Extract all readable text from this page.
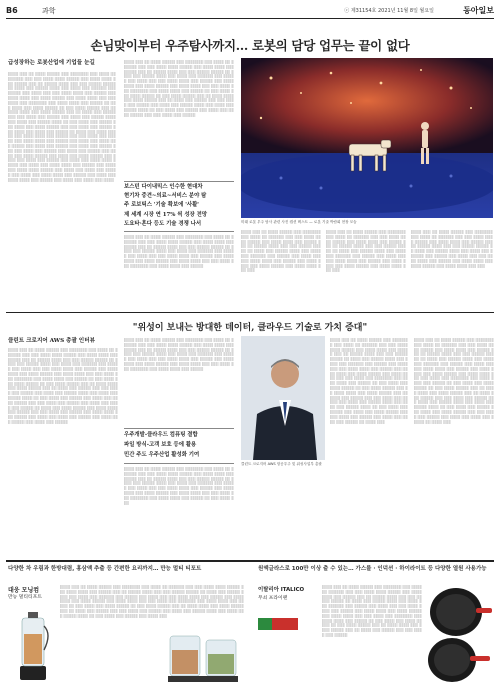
B6	과학	ⓒ 제31154호 2021년 11월 8일 월요일	동아일보
손님맞이부터 우주탐사까지… 로봇의 담당 업무는 끝이 없다
급성장하는 로봇산업에 기업들 눈길
░░░░ ░░░ ░░ ░░░░ ░░░░░ ░░░ ░░░░░░░ ░░░ ░░░░ ░░ ░░░░░░ ░░░ ░░░ ░░░░ ░░░░ ░░░░░ ░░░ ░░░░ ░░░░ ░░░ ░░░░░ ░░░ ░░ ░░░░░ ░░░░ ░░░ ░░░ ░░░░░ ░░░░░ ░░ ░░░░ ░░░ ░░░░░ ░░░░ ░░░ ░░░░ ░░░ ░░░░░░ ░░░ ░░░░░ ░░░ ░░░░ ░░░ ░░░ ░░░░ ░░░░ ░░░ ░░░░░ ░░░ ░░░░ ░░░░ ░░░ ░░░░ ░░░░░ ░░░ ░░░░ ░░░░ ░░░ ░░░ ░░░░ ░░░ ░░░░░░░ ░░░ ░░░░ ░░░░ ░░░ ░░░░░ ░░ ░░░ ░░░░ ░░░ ░░░░ ░░░░░ ░░ ░░░ ░░░░ ░░░░░ ░░░ ░░ ░░░░ ░░░░ ░░░ ░░░░ ░░░░░ ░░░ ░░ ░░░░ ░░░ ░░░░░ ░░░ ░░░ ░░░░ ░░░ ░░░░░ ░░░ ░░░░ ░░░ ░░░░░ ░░░░ ░░░ ░░░░ ░░░ ░░░░░ ░░░░ ░░ ░░░ ░░░░ ░░░ ░░░░░ ░░░ ░░░░ ░░░ ░░░░ ░░░░░ ░░░ ░░░ ░░░░ ░░░ ░░░░░ ░░░ ░░░░ ░░░ ░░░░ ░░░ ░░░░░ ░░ ░░░░ ░░░ ░░░░ ░░░░░ ░░░ ░░░░ ░░░░ ░░░ ░░░░░ ░░░ ░░░ ░░░░ ░░░ ░░░░░ ░░░ ░░░░ ░░░░ ░░░ ░░░░░ ░░░ ░░░░ ░░░ ░░░░ ░░░ ░░░░░ ░░░ ░░░░ ░░░ ░░░░░ ░░░ ░░░░ ░░░ ░░░░░ ░░░ ░░░ ░░░░ ░░░ ░░░░░ ░░░ ░░░░ ░░░ ░░░░░ ░░░ ░░░░ ░░░ ░░░░ ░░░░░ ░░░ ░░░░ ░░░ ░░░░ ░░░░░ ░░░ ░░░░ ░░░ ░░░░ ░░░ ░░░░░ ░░░ ░░░░ ░░░ ░░░░ ░░░░ ░░░░░ ░░░ ░░░░ ░░░ ░░░░ ░░░░ ░░░ ░░░░░ ░░░ ░░░░ ░░░ ░░░░ ░░░░ ░░░░░ ░░░ ░░░░ ░░░ ░░░░ ░░░ ░░░░░ ░░░ ░░░░ ░░░ ░░░░ ░░░░ ░░░ ░░░░░ ░░░ ░░░░ ░░░ ░░░░ ░░░░ ░░░ ░░░░░ ░░░ ░░░░ ░░░ ░░░░ ░░░ ░░░░
░░░░ ░░░ ░░ ░░░░ ░░░░░ ░░░ ░░░░░░░ ░░░ ░░░░ ░░ ░░░░░░ ░░░ ░░░ ░░░░ ░░░░ ░░░░░ ░░░ ░░░░ ░░░░ ░░░ ░░░░░ ░░░ ░░ ░░░░░ ░░░░ ░░░ ░░░ ░░░░░ ░░░░░ ░░ ░░░░ ░░░ ░░░░░ ░░░░ ░░░ ░░░░ ░░░ ░░░░░░ ░░░ ░░░░░ ░░░ ░░░░ ░░░ ░░░ ░░░░ ░░░░ ░░░ ░░░░░ ░░░ ░░░░ ░░░░ ░░░ ░░░░ ░░░░░ ░░░ ░░░░ ░░░░ ░░░ ░░░ ░░░░ ░░░ ░░░░░░░ ░░░ ░░░░ ░░░░ ░░░ ░░░░░ ░░ ░░░ ░░░░ ░░░ ░░░░ ░░░░░ ░░ ░░░ ░░░░ ░░░░░ ░░░ ░░ ░░░░ ░░░░ ░░░ ░░░░ ░░░░░ ░░░ ░░ ░░░░ ░░░ ░░░░░ ░░░ ░░░ ░░░░ ░░░ ░░░░░ ░░░ ░░░░ ░░░ ░░░░░ ░░░░ ░░░ ░░░░ ░░░ ░░░░░ ░░░░ ░░ ░░░ ░░░░ ░░░ ░░░░░ ░░░ ░░░░ ░░░ ░░░░ ░░░░░ ░░░ ░░░ ░░░░ ░░░ ░░░░░
보스턴 다이내믹스 인수한 현대차
현기차 중견~의료~서비스 분야 탐
주 로보틱스 '기술 확보에 '사활'
제 세계 시장 연 17% 씩 성장 전망
도요타·혼다 등도 기술 경쟁 나서
░░░░ ░░░ ░░ ░░░░ ░░░░░ ░░░ ░░░░░░░ ░░░ ░░░░ ░░ ░░░░░░ ░░░ ░░░ ░░░░ ░░░░ ░░░░░ ░░░ ░░░░ ░░░░ ░░░ ░░░░░ ░░░ ░░ ░░░░░ ░░░░ ░░░ ░░░ ░░░░░ ░░░░░ ░░ ░░░░ ░░░ ░░░░░ ░░░░ ░░░ ░░░░ ░░░ ░░░░░░ ░░░ ░░░░░ ░░░ ░░░░ ░░░ ░░░ ░░░░ ░░░░ ░░░ ░░░░░ ░░░ ░░░░ ░░░░ ░░░ ░░░░ ░░░░░ ░░░ ░░░░ ░░░░ ░░░ ░░░ ░░░░ ░░░ ░░░░░░░ ░░░ ░░░░ ░░░░ ░░░ ░░░░░
미래 로봇 우주 탐사 관련 사진 캡션 텍스트 — 로봇 기술 박람회 현장 모습
░░░░ ░░░ ░░ ░░░░ ░░░░░ ░░░ ░░░░░░░ ░░░ ░░░░ ░░ ░░░░░░ ░░░ ░░░ ░░░░ ░░░░ ░░░░░ ░░░ ░░░░ ░░░░ ░░░ ░░░░░ ░░░ ░░ ░░░░░ ░░░░ ░░░ ░░░ ░░░░░ ░░░░░ ░░ ░░░░ ░░░ ░░░░░ ░░░░ ░░░ ░░░░ ░░░ ░░░░░░ ░░░ ░░░░░ ░░░ ░░░░ ░░░ ░░░ ░░░░ ░░░░ ░░░ ░░░░░ ░░░ ░░░░ ░░░░ ░░░ ░░░░ ░░░░░ ░░░ ░░░░ ░░░░ ░░░ ░░░
░░░░ ░░░ ░░ ░░░░ ░░░░░ ░░░ ░░░░░░░ ░░░ ░░░░ ░░ ░░░░░░ ░░░ ░░░ ░░░░ ░░░░ ░░░░░ ░░░ ░░░░ ░░░░ ░░░ ░░░░░ ░░░ ░░ ░░░░░ ░░░░ ░░░ ░░░ ░░░░░ ░░░░░ ░░ ░░░░ ░░░ ░░░░░ ░░░░ ░░░ ░░░░ ░░░ ░░░░░░ ░░░ ░░░░░ ░░░ ░░░░ ░░░ ░░░ ░░░░ ░░░░ ░░░ ░░░░░ ░░░ ░░░░ ░░░░ ░░░ ░░░░ ░░░░░ ░░░ ░░░░ ░░░░ ░░░ ░░░
░░░░ ░░░ ░░ ░░░░ ░░░░░ ░░░ ░░░░░░░ ░░░ ░░░░ ░░ ░░░░░░ ░░░ ░░░ ░░░░ ░░░░ ░░░░░ ░░░ ░░░░ ░░░░ ░░░ ░░░░░ ░░░ ░░ ░░░░░ ░░░░ ░░░ ░░░ ░░░░░ ░░░░░ ░░ ░░░░ ░░░ ░░░░░ ░░░░ ░░░ ░░░░ ░░░ ░░░░░░ ░░░ ░░░░░ ░░░ ░░░░ ░░░ ░░░ ░░░░ ░░░░ ░░░ ░░░░░ ░░░ ░░░░ ░░░░ ░░░ ░░░░ ░░░░░ ░░░ ░░░░ ░░░░ ░░░ ░░░
"위성이 보내는 방대한 데이터, 클라우드 기술로 가치 증대"
클린트 크로지어 AWS 총괄 인터뷰
░░░░ ░░░ ░░ ░░░░ ░░░░░ ░░░ ░░░░░░░ ░░░ ░░░░ ░░ ░░░░░░ ░░░ ░░░ ░░░░ ░░░░ ░░░░░ ░░░ ░░░░ ░░░░ ░░░ ░░░░░ ░░░ ░░ ░░░░░ ░░░░ ░░░ ░░░ ░░░░░ ░░░░░ ░░ ░░░░ ░░░ ░░░░░ ░░░░ ░░░ ░░░░ ░░░ ░░░░░░ ░░░ ░░░░░ ░░░ ░░░░ ░░░ ░░░ ░░░░ ░░░░ ░░░ ░░░░░ ░░░ ░░░░ ░░░░ ░░░ ░░░░ ░░░░░ ░░░ ░░░░ ░░░░ ░░░ ░░░ ░░░░ ░░░ ░░░░░░░ ░░░ ░░░░ ░░░░ ░░░ ░░░░░ ░░ ░░░ ░░░░ ░░░ ░░░░ ░░░░░ ░░ ░░░ ░░░░ ░░░░░ ░░░ ░░ ░░░░ ░░░░ ░░░ ░░░░ ░░░░░ ░░░ ░░ ░░░░ ░░░ ░░░░░ ░░░ ░░░ ░░░░ ░░░ ░░░░░ ░░░ ░░░░ ░░░ ░░░░░ ░░░░ ░░░ ░░░░ ░░░ ░░░░░ ░░░░ ░░ ░░░ ░░░░ ░░░ ░░░░░ ░░░ ░░░░ ░░░ ░░░░ ░░░░░ ░░░ ░░░ ░░░░ ░░░ ░░░░░ ░░░ ░░░░ ░░░ ░░░░ ░░░ ░░░░░ ░░ ░░░░ ░░░ ░░░░ ░░░░░ ░░░ ░░░░ ░░░░ ░░░ ░░░░░ ░░░ ░░░ ░░░░ ░░░ ░░░░░ ░░░ ░░░░ ░░░░ ░░░ ░░░░░ ░░░ ░░░░ ░░░ ░░░░ ░░░ ░░░░░ ░░░ ░░░░ ░░░ ░░░░░ ░░░ ░░░░ ░░░ ░░░░░
░░░░ ░░░ ░░ ░░░░ ░░░░░ ░░░ ░░░░░░░ ░░░ ░░░░ ░░ ░░░░░░ ░░░ ░░░ ░░░░ ░░░░ ░░░░░ ░░░ ░░░░ ░░░░ ░░░ ░░░░░ ░░░ ░░ ░░░░░ ░░░░ ░░░ ░░░ ░░░░░ ░░░░░ ░░ ░░░░ ░░░ ░░░░░ ░░░░ ░░░ ░░░░ ░░░ ░░░░░░ ░░░ ░░░░░ ░░░ ░░░░ ░░░ ░░░ ░░░░ ░░░░ ░░░ ░░░░░ ░░░ ░░░░ ░░░░ ░░░ ░░░░ ░░░░░ ░░░ ░░░░ ░░░░ ░░░ ░░░ ░░░░ ░░░ ░░░░░░░ ░░░ ░░░░ ░░░░ ░░░ ░░░░░
우주개발-클라우드 컴퓨팅 결합
파일 방식-고객 보호 등에 활용
민간 주도 우주산업 활성화 기여
░░░░ ░░░ ░░ ░░░░ ░░░░░ ░░░ ░░░░░░░ ░░░ ░░░░ ░░ ░░░░░░ ░░░ ░░░ ░░░░ ░░░░ ░░░░░ ░░░ ░░░░ ░░░░ ░░░ ░░░░░ ░░░ ░░ ░░░░░ ░░░░ ░░░ ░░░ ░░░░░ ░░░░░ ░░ ░░░░ ░░░ ░░░░░ ░░░░ ░░░ ░░░░ ░░░ ░░░░░░ ░░░ ░░░░░ ░░░ ░░░░ ░░░ ░░░ ░░░░ ░░░░ ░░░ ░░░░░ ░░░ ░░░░ ░░░░ ░░░ ░░░░ ░░░░░ ░░░ ░░░░ ░░░░ ░░░ ░░░ ░░░░ ░░░ ░░░░░░░ ░░░ ░░░░ ░░░░ ░░░ ░░░░░ ░░ ░░░ ░░░░ ░░░
클린트 크로지어 AWS 항공우주 및 위성사업부 총괄
░░░░ ░░░ ░░ ░░░░ ░░░░░ ░░░ ░░░░░░░ ░░░ ░░░░ ░░ ░░░░░░ ░░░ ░░░ ░░░░ ░░░░ ░░░░░ ░░░ ░░░░ ░░░░ ░░░ ░░░░░ ░░░ ░░ ░░░░░ ░░░░ ░░░ ░░░ ░░░░░ ░░░░░ ░░ ░░░░ ░░░ ░░░░░ ░░░░ ░░░ ░░░░ ░░░ ░░░░░░ ░░░ ░░░░░ ░░░ ░░░░ ░░░ ░░░ ░░░░ ░░░░ ░░░ ░░░░░ ░░░ ░░░░ ░░░░ ░░░ ░░░░ ░░░░░ ░░░ ░░░░ ░░░░ ░░░ ░░░ ░░░░ ░░░ ░░░░░░░ ░░░ ░░░░ ░░░░ ░░░ ░░░░░ ░░ ░░░ ░░░░ ░░░ ░░░░ ░░░░░ ░░ ░░░ ░░░░ ░░░░░ ░░░ ░░ ░░░░ ░░░░ ░░░ ░░░░ ░░░░░ ░░░ ░░ ░░░░ ░░░ ░░░░░ ░░░ ░░░ ░░░░ ░░░ ░░░░░ ░░░ ░░░░ ░░░ ░░░░░ ░░░░ ░░░ ░░░░ ░░░ ░░░░░ ░░░░ ░░ ░░░ ░░░░ ░░░ ░░░░░ ░░░ ░░░░ ░░░ ░░░░ ░░░░░ ░░░ ░░░ ░░░░ ░░░ ░░░░░ ░░░ ░░░░ ░░░ ░░░░ ░░░ ░░░░░ ░░ ░░░░ ░░░
░░░░ ░░░ ░░ ░░░░ ░░░░░ ░░░ ░░░░░░░ ░░░ ░░░░ ░░ ░░░░░░ ░░░ ░░░ ░░░░ ░░░░ ░░░░░ ░░░ ░░░░ ░░░░ ░░░ ░░░░░ ░░░ ░░ ░░░░░ ░░░░ ░░░ ░░░ ░░░░░ ░░░░░ ░░ ░░░░ ░░░ ░░░░░ ░░░░ ░░░ ░░░░ ░░░ ░░░░░░ ░░░ ░░░░░ ░░░ ░░░░ ░░░ ░░░ ░░░░ ░░░░ ░░░ ░░░░░ ░░░ ░░░░ ░░░░ ░░░ ░░░░ ░░░░░ ░░░ ░░░░ ░░░░ ░░░ ░░░ ░░░░ ░░░ ░░░░░░░ ░░░ ░░░░ ░░░░ ░░░ ░░░░░ ░░ ░░░ ░░░░ ░░░ ░░░░ ░░░░░ ░░ ░░░ ░░░░ ░░░░░ ░░░ ░░ ░░░░ ░░░░ ░░░ ░░░░ ░░░░░ ░░░ ░░ ░░░░ ░░░ ░░░░░ ░░░ ░░░ ░░░░ ░░░ ░░░░░ ░░░ ░░░░ ░░░ ░░░░░ ░░░░ ░░░ ░░░░ ░░░ ░░░░░ ░░░░ ░░ ░░░ ░░░░ ░░░ ░░░░░ ░░░ ░░░░ ░░░ ░░░░ ░░░░░ ░░░ ░░░ ░░░░ ░░░ ░░░░░ ░░░ ░░░░ ░░░ ░░░░ ░░░ ░░░░░ ░░ ░░░░ ░░░
다양한 차 우림과 한방대렴, 홍삼액 추출 등 간편한 요리까지… 만능 멀티 티포트
대웅 모닝컴
만능 멀티티포트
░░░░ ░░░ ░░ ░░░░ ░░░░░ ░░░ ░░░░░░░ ░░░ ░░░░ ░░ ░░░░░░ ░░░ ░░░ ░░░░ ░░░░ ░░░░░ ░░░ ░░░░ ░░░░ ░░░ ░░░░░ ░░░ ░░ ░░░░░ ░░░░ ░░░ ░░░ ░░░░░ ░░░░░ ░░ ░░░░ ░░░ ░░░░░ ░░░░ ░░░ ░░░░ ░░░ ░░░░░░ ░░░ ░░░░░ ░░░ ░░░░ ░░░ ░░░ ░░░░ ░░░░ ░░░ ░░░░░ ░░░ ░░░░ ░░░░ ░░░ ░░░░ ░░░░░ ░░░ ░░░░ ░░░░ ░░░ ░░░ ░░░░ ░░░ ░░░░░░░ ░░░ ░░░░ ░░░░ ░░░ ░░░░░ ░░ ░░░ ░░░░ ░░░ ░░░░ ░░░░░ ░░ ░░░ ░░░░ ░░░░░ ░░░ ░░ ░░░░ ░░░░ ░░░ ░░░░ ░░░░░ ░░░ ░░ ░░░░ ░░░ ░░░░░ ░░░ ░░░ ░░░░ ░░░ ░░░░░ ░░░ ░░░░ ░░░ ░░░░░ ░░░░ ░░░ ░░░░ ░░░ ░░░░░ ░░░░ ░░ ░░░ ░░░░ ░░░ ░░░░░ ░░░ ░░░░ ░░░
원액글라스로 100만 이상 출 수 있는… 가스를 · 인덕션 · 하이라이트 등 다양한 열원 사용가능
이탈리아 ITALICO
무쇠 프라이팬
░░░░ ░░░ ░░ ░░░░ ░░░░░ ░░░ ░░░░░░░ ░░░ ░░░░ ░░ ░░░░░░ ░░░ ░░░ ░░░░ ░░░░ ░░░░░ ░░░ ░░░░ ░░░░ ░░░ ░░░░░ ░░░ ░░ ░░░░░ ░░░░ ░░░ ░░░ ░░░░░ ░░░░░ ░░ ░░░░ ░░░ ░░░░░ ░░░░ ░░░ ░░░░ ░░░ ░░░░░░ ░░░ ░░░░░ ░░░ ░░░░ ░░░ ░░░ ░░░░ ░░░░ ░░░ ░░░░░ ░░░ ░░░░ ░░░░ ░░░ ░░░░ ░░░░░ ░░░ ░░░░ ░░░░ ░░░ ░░░ ░░░░ ░░░ ░░░░░░░ ░░░ ░░░░ ░░░░ ░░░ ░░░░░ ░░ ░░░ ░░░░ ░░░ ░░░░ ░░░░░ ░░ ░░░ ░░░░ ░░░░░ ░░░ ░░ ░░░░ ░░░░ ░░░ ░░░░ ░░░░░ ░░░ ░░ ░░░░ ░░░ ░░░░░ ░░░ ░░░ ░░░░ ░░░ ░░░░░
